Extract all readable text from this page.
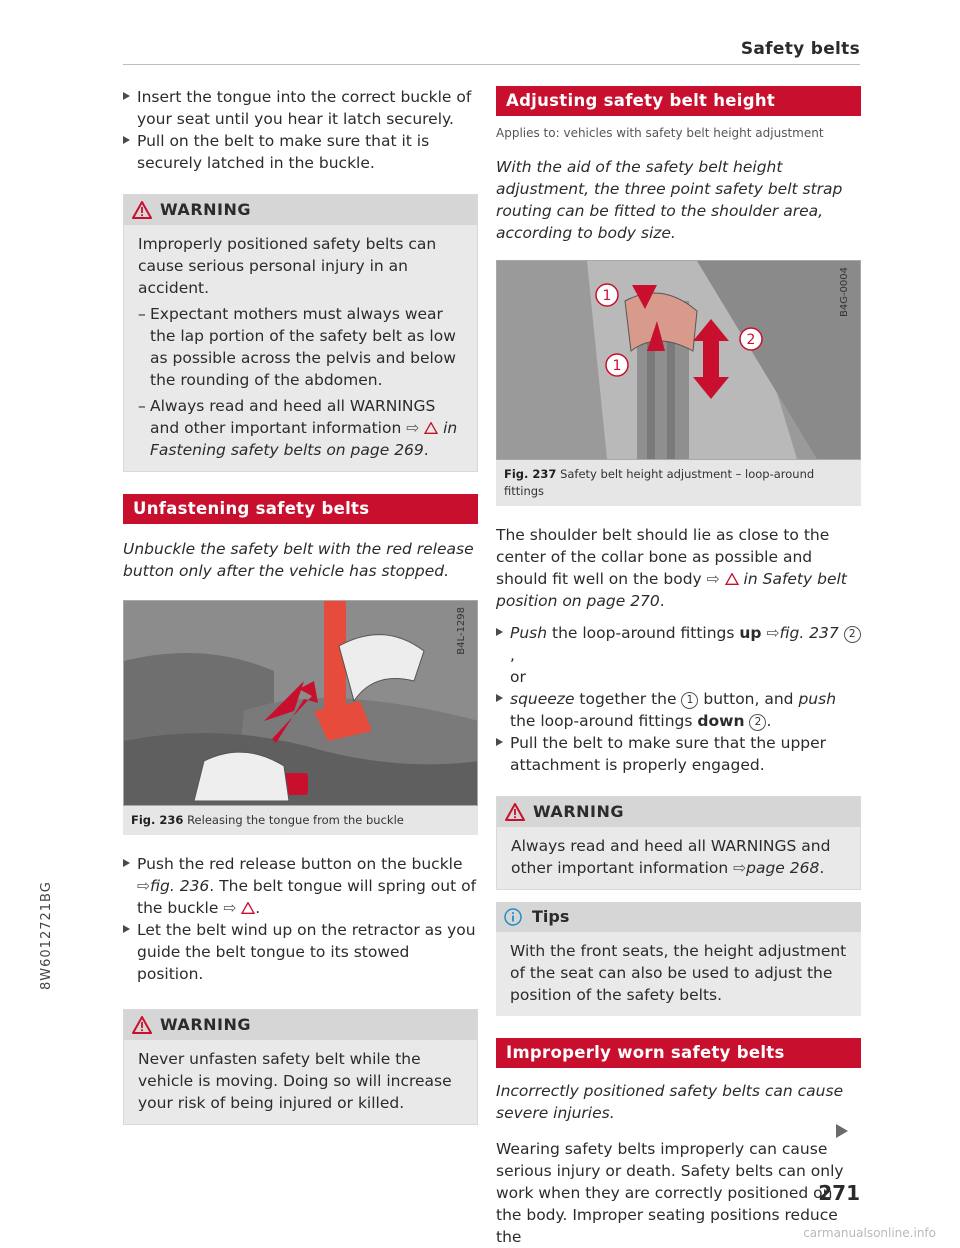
Safety belts
8W6012721BG

Insert the tongue into the correct buckle of your seat until you hear it latch securely.

Pull on the belt to make sure that it is securely latched in the buckle.

WARNING

Improperly positioned safety belts can cause serious personal injury in an accident.

– Expectant mothers must always wear the lap portion of the safety belt as low as possible across the pelvis and below the rounding of the abdomen.
– Always read and heed all WARNINGS and other important information ⇨ in Fastening safety belts on page 269.
Unfastening safety belts

Unbuckle the safety belt with the red release button only after the vehicle has stopped.

B4L-1298
Fig. 236 Releasing the tongue from the buckle

Push the red release button on the buckle ⇨fig. 236. The belt tongue will spring out of the buckle ⇨ .

Let the belt wind up on the retractor as you guide the belt tongue to its stowed position.

WARNING

Never unfasten safety belt while the vehicle is moving. Doing so will increase your risk of being injured or killed.

Adjusting safety belt height

Applies to: vehicles with safety belt height adjustment

With the aid of the safety belt height adjustment, the three point safety belt strap routing can be fitted to the shoulder area, according to body size.

1
1
2
B4G-0004
Fig. 237 Safety belt height adjustment – loop-around fittings

The shoulder belt should lie as close to the center of the collar bone as possible and should fit well on the body ⇨ in Safety belt position on page 270.

Push the loop-around fittings up ⇨fig. 237 2,
or

squeeze together the 1 button, and push the loop-around fittings down 2 .

Pull the belt to make sure that the upper attachment is properly engaged.

WARNING

Always read and heed all WARNINGS and other important information ⇨page 268.

Tips

With the front seats, the height adjustment of the seat can also be used to adjust the position of the safety belts.

Improperly worn safety belts

Incorrectly positioned safety belts can cause severe injuries.

Wearing safety belts improperly can cause serious injury or death. Safety belts can only work when they are correctly positioned on the body. Improper seating positions reduce the

271
carmanualsonline.info
